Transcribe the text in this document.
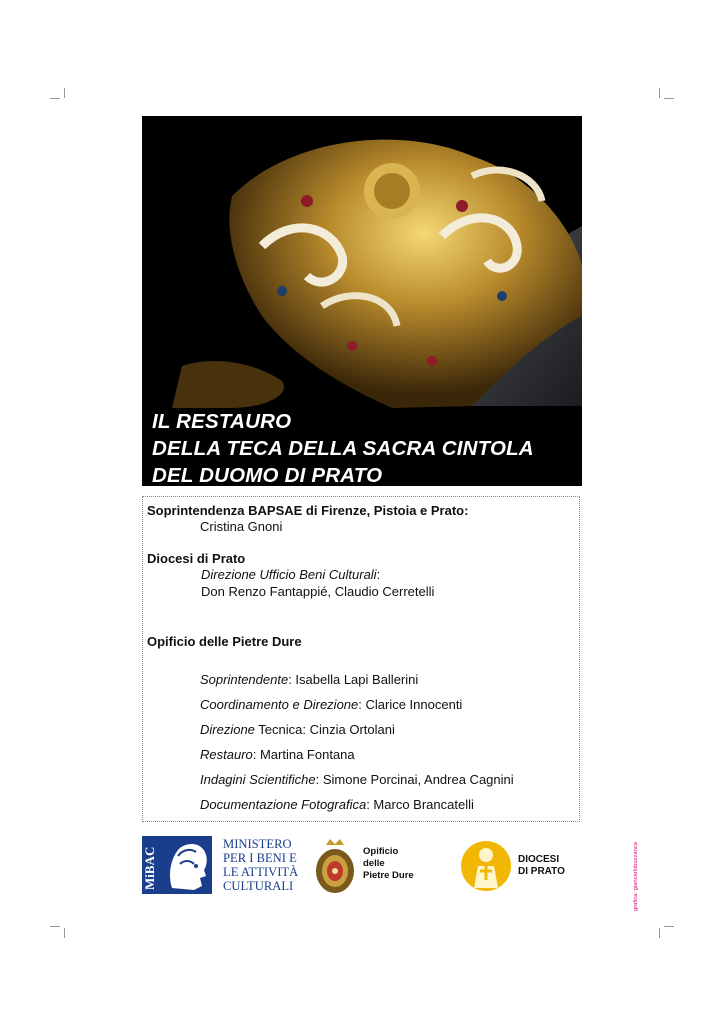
IL RESTAURO
DELLA TECA DELLA SACRA CINTOLA
DEL DUOMO DI PRATO
Soprintendenza BAPSAE di Firenze, Pistoia e Prato:
Cristina Gnoni
Diocesi di Prato
Direzione Ufficio Beni Culturali:
Don Renzo Fantappié, Claudio Cerretelli
Opificio delle Pietre Dure
Soprintendente: Isabella Lapi Ballerini
Coordinamento e Direzione: Clarice Innocenti
Direzione Tecnica: Cinzia Ortolani
Restauro: Martina Fontana
Indagini Scientifiche: Simone Porcinai, Andrea Cagnini
Documentazione Fotografica: Marco Brancatelli
MiBAC
MINISTERO
PER I BENI E
LE ATTIVITÀ
CULTURALI
Opificio
delle
Pietre Dure
DIOCESI
DI PRATO	grafica: giancarlobuzzanca
